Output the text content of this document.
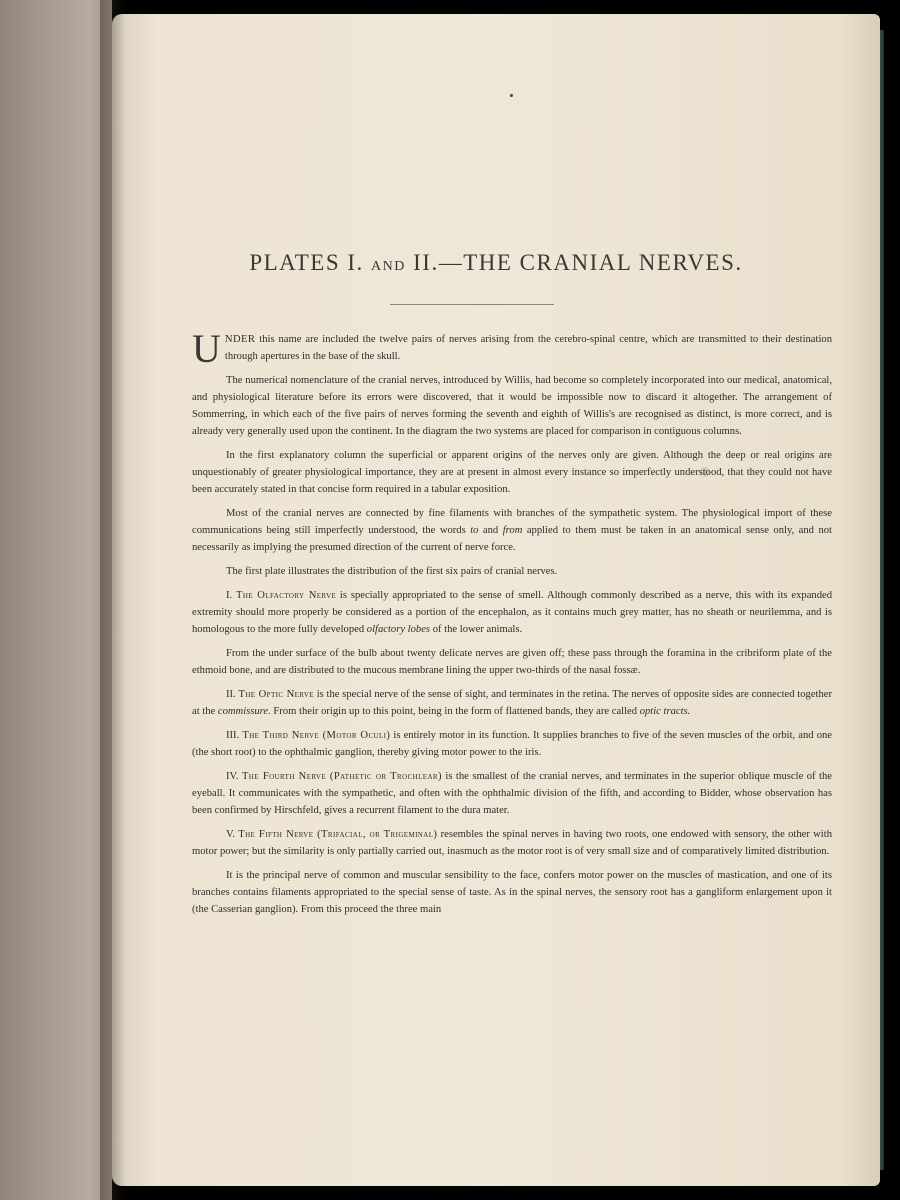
PLATES I. AND II.—THE CRANIAL NERVES.

UNDER this name are included the twelve pairs of nerves arising from the cerebro-spinal centre, which are transmitted to their destination through apertures in the base of the skull.

The numerical nomenclature of the cranial nerves, introduced by Willis, had become so completely incorporated into our medical, anatomical, and physiological literature before its errors were discovered, that it would be impossible now to discard it altogether. The arrangement of Sommerring, in which each of the five pairs of nerves forming the seventh and eighth of Willis's are recognised as distinct, is more correct, and is already very generally used upon the continent. In the diagram the two systems are placed for comparison in contiguous columns.

In the first explanatory column the superficial or apparent origins of the nerves only are given. Although the deep or real origins are unquestionably of greater physiological importance, they are at present in almost every instance so imperfectly understood, that they could not have been accurately stated in that concise form required in a tabular exposition.

Most of the cranial nerves are connected by fine filaments with branches of the sympathetic system. The physiological import of these communications being still imperfectly understood, the words to and from applied to them must be taken in an anatomical sense only, and not necessarily as implying the presumed direction of the current of nerve force.

The first plate illustrates the distribution of the first six pairs of cranial nerves.

I. The Olfactory Nerve is specially appropriated to the sense of smell. Although commonly described as a nerve, this with its expanded extremity should more properly be considered as a portion of the encephalon, as it contains much grey matter, has no sheath or neurilemma, and is homologous to the more fully developed olfactory lobes of the lower animals.

From the under surface of the bulb about twenty delicate nerves are given off; these pass through the foramina in the cribriform plate of the ethmoid bone, and are distributed to the mucous membrane lining the upper two-thirds of the nasal fossæ.

II. The Optic Nerve is the special nerve of the sense of sight, and terminates in the retina. The nerves of opposite sides are connected together at the commissure. From their origin up to this point, being in the form of flattened bands, they are called optic tracts.

III. The Third Nerve (Motor Oculi) is entirely motor in its function. It supplies branches to five of the seven muscles of the orbit, and one (the short root) to the ophthalmic ganglion, thereby giving motor power to the iris.

IV. The Fourth Nerve (Pathetic or Trochlear) is the smallest of the cranial nerves, and terminates in the superior oblique muscle of the eyeball. It communicates with the sympathetic, and often with the ophthalmic division of the fifth, and according to Bidder, whose observation has been confirmed by Hirschfeld, gives a recurrent filament to the dura mater.

V. The Fifth Nerve (Trifacial, or Trigeminal) resembles the spinal nerves in having two roots, one endowed with sensory, the other with motor power; but the similarity is only partially carried out, inasmuch as the motor root is of very small size and of comparatively limited distribution.

It is the principal nerve of common and muscular sensibility to the face, confers motor power on the muscles of mastication, and one of its branches contains filaments appropriated to the special sense of taste. As in the spinal nerves, the sensory root has a gangliform enlargement upon it (the Casserian ganglion). From this proceed the three main
